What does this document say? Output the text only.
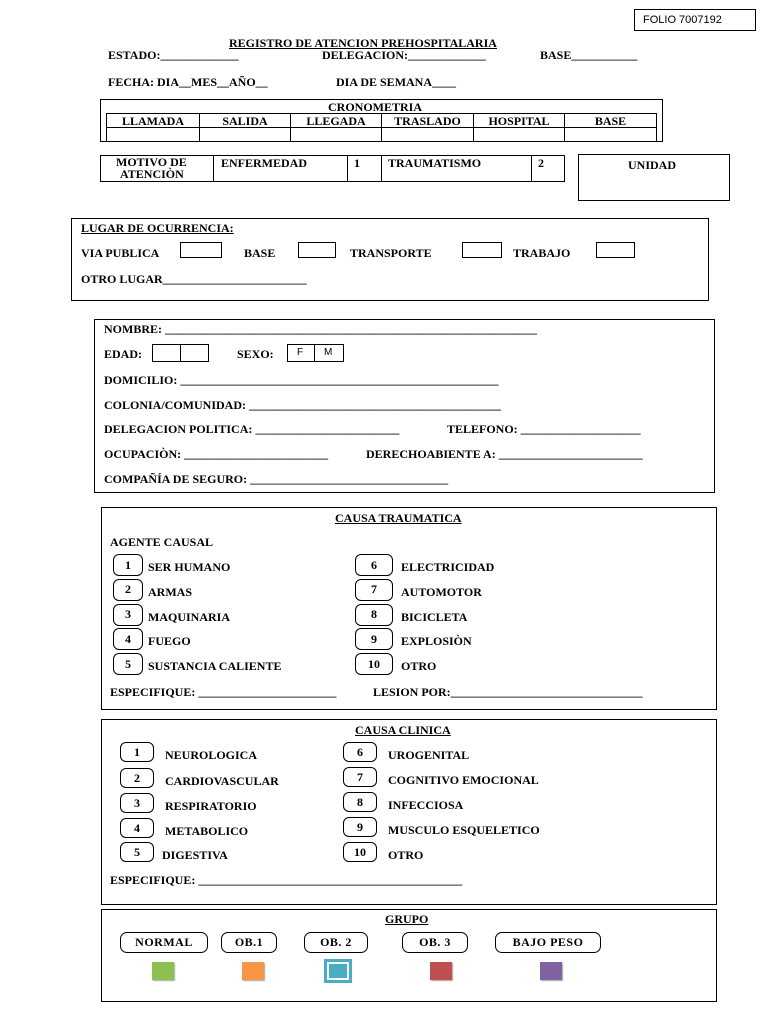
FOLIO 7007192
REGISTRO DE ATENCION PREHOSPITALARIA
ESTADO:_____________	DELEGACION:_____________	BASE___________
FECHA: DIA__MES__AÑO__	DIA DE SEMANA____
CRONOMETRIA
LLAMADA	SALIDA	LLEGADA	TRASLADO	HOSPITAL	BASE
MOTIVO DE
ATENCIÒN
ENFERMEDAD	1 TRAUMATISMO	2	UNIDAD
LUGAR DE OCURRENCIA:
VIA PUBLICA	BASE	TRANSPORTE	TRABAJO
OTRO LUGAR________________________
NOMBRE: ______________________________________________________________
EDAD:	SEXO: F M
DOMICILIO: _____________________________________________________
COLONIA/COMUNIDAD: __________________________________________
DELEGACION POLITICA: ________________________	TELEFONO: ____________________
OCUPACIÒN: ________________________	DERECHOABIENTE A: ________________________
COMPAÑÍA DE SEGURO: _________________________________
CAUSA TRAUMATICA
AGENTE CAUSAL
1 SER HUMANO
2 ARMAS
3 MAQUINARIA
4 FUEGO
5 SUSTANCIA CALIENTE
6 ELECTRICIDAD
7 AUTOMOTOR
8 BICICLETA
9 EXPLOSIÒN
10 OTRO
ESPECIFIQUE: _______________________	LESION POR:________________________________
CAUSA CLINICA
1 NEUROLOGICA
2 CARDIOVASCULAR
3 RESPIRATORIO
4 METABOLICO
5 DIGESTIVA
6 UROGENITAL
7 COGNITIVO EMOCIONAL
8 INFECCIOSA
9 MUSCULO ESQUELETICO
10 OTRO
ESPECIFIQUE: ____________________________________________
GRUPO
NORMAL	OB.1	OB. 2	OB. 3	BAJO PESO
